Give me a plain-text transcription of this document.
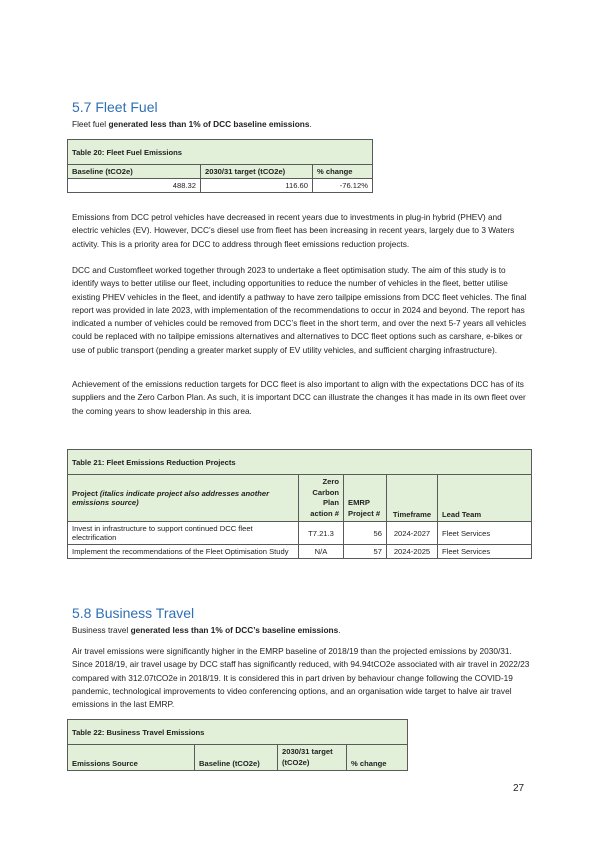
5.7 Fleet Fuel

Fleet fuel generated less than 1% of DCC baseline emissions.

Table 20: Fleet Fuel Emissions		
Baseline (tCO2e)	2030/31 target (tCO2e)	% change
488.32	116.60	-76.12%

Emissions from DCC petrol vehicles have decreased in recent years due to investments in plug-in hybrid (PHEV) and electric vehicles (EV). However, DCC’s diesel use from fleet has been increasing in recent years, largely due to 3 Waters activity. This is a priority area for DCC to address through fleet emissions reduction projects.

DCC and Customfleet worked together through 2023 to undertake a fleet optimisation study. The aim of this study is to identify ways to better utilise our fleet, including opportunities to reduce the number of vehicles in the fleet, better utilise existing PHEV vehicles in the fleet, and identify a pathway to have zero tailpipe emissions from DCC fleet vehicles. The final report was provided in late 2023, with implementation of the recommendations to occur in 2024 and beyond. The report has indicated a number of vehicles could be removed from DCC’s fleet in the short term, and over the next 5-7 years all vehicles could be replaced with no tailpipe emissions alternatives and alternatives to DCC fleet options such as carshare, e-bikes or use of public transport (pending a greater market supply of EV utility vehicles, and sufficient charging infrastructure).

Achievement of the emissions reduction targets for DCC fleet is also important to align with the expectations DCC has of its suppliers and the Zero Carbon Plan. As such, it is important DCC can illustrate the changes it has made in its own fleet over the coming years to show leadership in this area.

Table 21: Fleet Emissions Reduction Projects				
Project (italics indicate project also addresses another emissions source)	Zero Carbon Plan action #	EMRP Project #	Timeframe	Lead Team
Invest in infrastructure to support continued DCC fleet electrification	T7.21.3	56	2024-2027	Fleet Services
Implement the recommendations of the Fleet Optimisation Study	N/A	57	2024-2025	Fleet Services
5.8 Business Travel

Business travel generated less than 1% of DCC’s baseline emissions.

Air travel emissions were significantly higher in the EMRP baseline of 2018/19 than the projected emissions by 2030/31. Since 2018/19, air travel usage by DCC staff has significantly reduced, with 94.94tCO2e associated with air travel in 2022/23 compared with 312.07tCO2e in 2018/19. It is considered this in part driven by behaviour change following the COVID-19 pandemic, technological improvements to video conferencing options, and an organisation wide target to halve air travel emissions in the last EMRP.

Table 22: Business Travel Emissions
Emissions Source	Baseline (tCO2e)	2030/31 target (tCO2e)	% change
27
